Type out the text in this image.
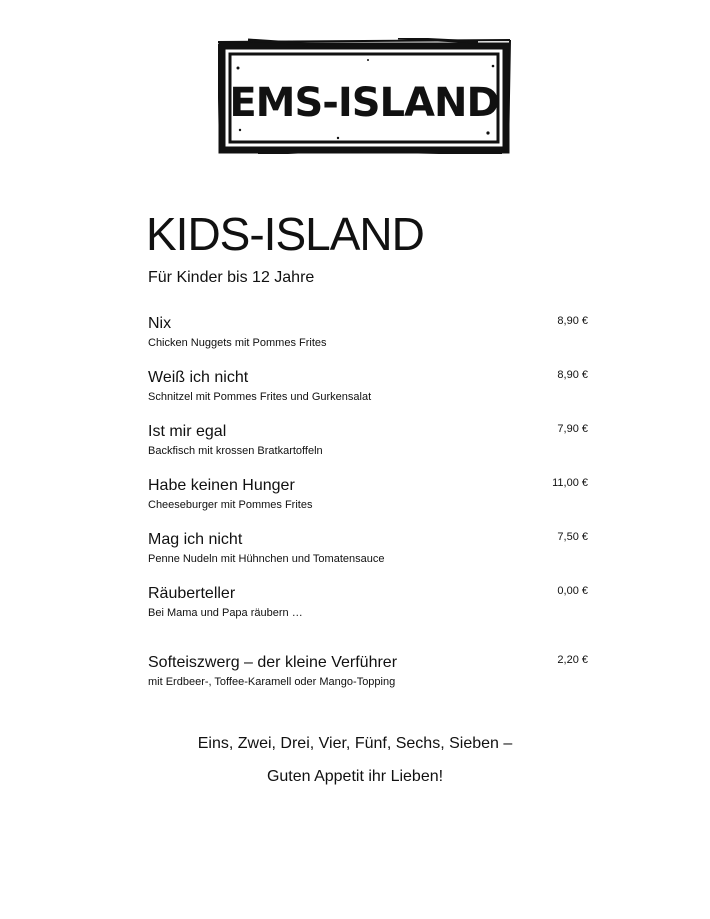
EMS-ISLAND
KIDS-ISLAND
Für Kinder bis 12 Jahre
Nix
Chicken Nuggets mit Pommes Frites
8,90 €
Weiß ich nicht
Schnitzel mit Pommes Frites und Gurkensalat
8,90 €
Ist mir egal
Backfisch mit krossen Bratkartoffeln
7,90 €
Habe keinen Hunger
Cheeseburger mit Pommes Frites
11,00 €
Mag ich nicht
Penne Nudeln mit Hühnchen und Tomatensauce
7,50 €
Räuberteller
Bei Mama und Papa räubern …
0,00 €
Softeiszwerg – der kleine Verführer
mit Erdbeer-, Toffee-Karamell oder Mango-Topping
2,20 €
Eins, Zwei, Drei, Vier, Fünf, Sechs, Sieben –
Guten Appetit ihr Lieben!
